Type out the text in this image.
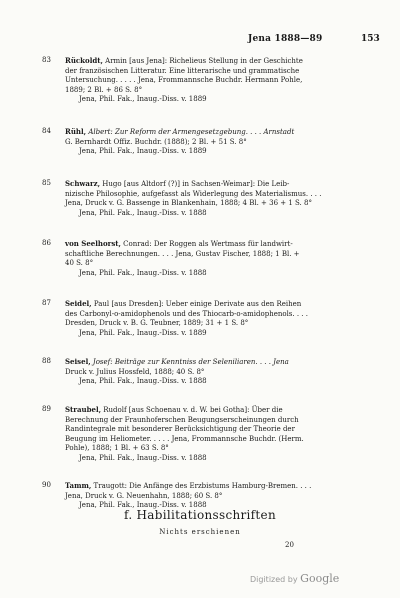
Jena 1888—89	153
83 Rückoldt, Armin [aus Jena]: Richelieus Stellung in der Geschichte
der französischen Litteratur. Eine litterarische und grammatische
Untersuchung. . . . . Jena, Frommannsche Buchdr. Hermann Pohle,
1889; 2 Bl. + 86 S. 8°
Jena, Phil. Fak., Inaug.-Diss. v. 1889
84 Rühl, Albert: Zur Reform der Armengesetzgebung. . . . Arnstadt
G. Bernhardt Offiz. Buchdr. (1888); 2 Bl. + 51 S. 8°
Jena, Phil. Fak., Inaug.-Diss. v. 1889
85 Schwarz, Hugo [aus Altdorf (?)] in Sachsen-Weimar]: Die Leib-
nizische Philosophie, aufgefasst als Widerlegung des Materialismus. . . .
Jena, Druck v. G. Bassenge in Blankenhain, 1888; 4 Bl. + 36 + 1 S. 8°
Jena, Phil. Fak., Inaug.-Diss. v. 1888
86 von Seelhorst, Conrad: Der Roggen als Wertmass für landwirt-
schaftliche Berechnungen. . . . Jena, Gustav Fischer, 1888; 1 Bl. +
40 S. 8°
Jena, Phil. Fak., Inaug.-Diss. v. 1888
87 Seidel, Paul [aus Dresden]: Ueber einige Derivate aus den Reihen
des Carbonyl-o-amidophenols und des Thiocarb-o-amidophenols. . . .
Dresden, Druck v. B. G. Teubner, 1889; 31 + 1 S. 8°
Jena, Phil. Fak., Inaug.-Diss. v. 1889
88 Seisel, Josef: Beiträge zur Kenntniss der Seleniliaren. . . . Jena
Druck v. Julius Hossfeld, 1888; 40 S. 8°
Jena, Phil. Fak., Inaug.-Diss. v. 1888
89 Straubel, Rudolf [aus Schoenau v. d. W. bei Gotha]: Über die
Berechnung der Fraunhoferschen Beugungserscheinungen durch
Randintegrale mit besonderer Berücksichtigung der Theorie der
Beugung im Heliometer. . . . . Jena, Frommannsche Buchdr. (Herm.
Pohle), 1888; 1 Bl. + 63 S. 8°
Jena, Phil. Fak., Inaug.-Diss. v. 1888
90 Tamm, Traugott: Die Anfänge des Erzbistums Hamburg-Bremen. . . .
Jena, Druck v. G. Neuenhahn, 1888; 60 S. 8°
Jena, Phil. Fak., Inaug.-Diss. v. 1888
f. Habilitationsschriften
Nichts erschienen
20
Digitized by Google
